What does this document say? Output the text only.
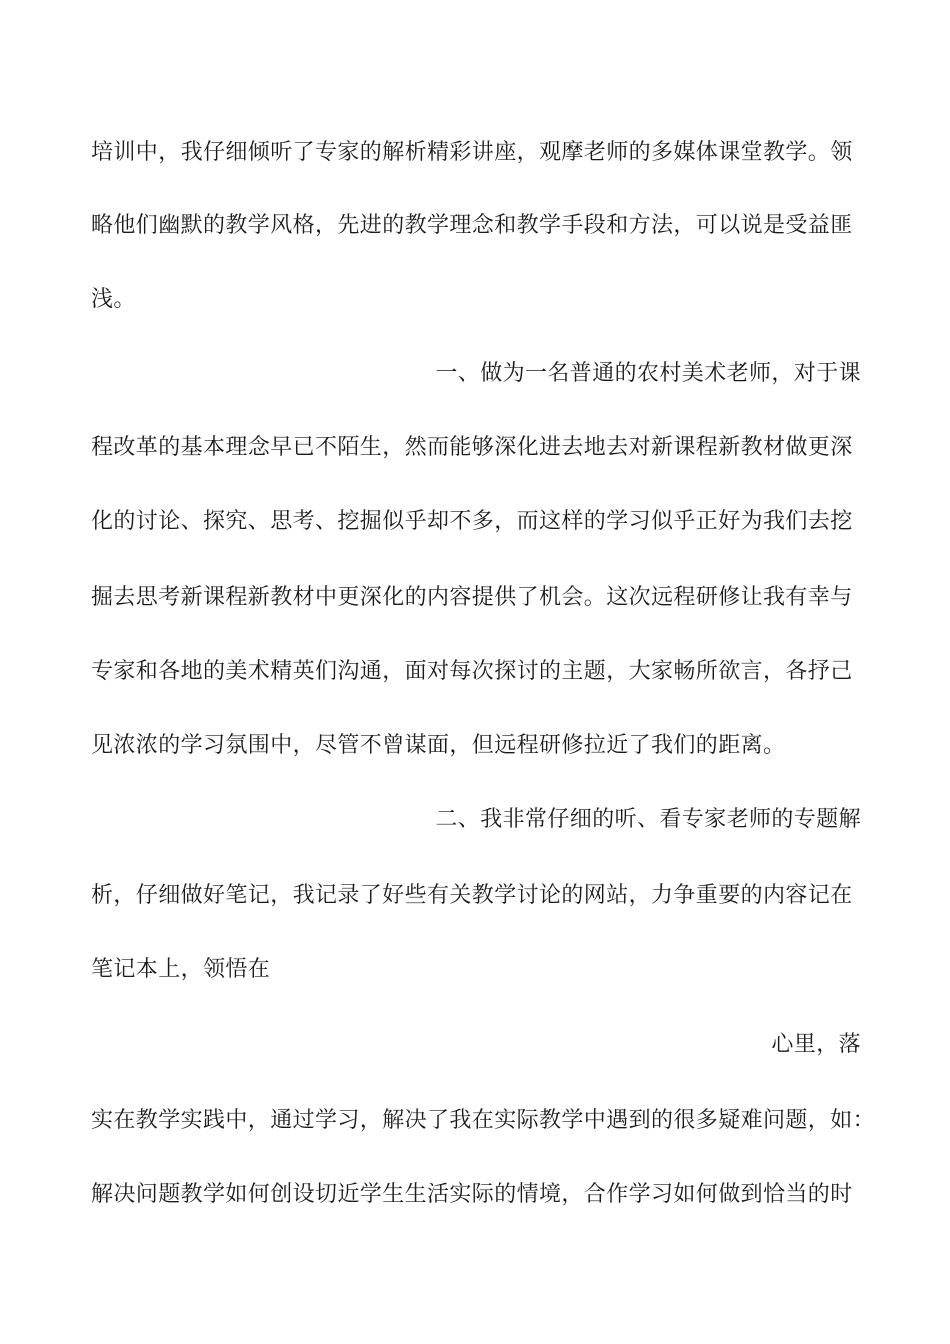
培训中，我仔细倾听了专家的解析精彩讲座，观摩老师的多媒体课堂教学。领
略他们幽默的教学风格，先进的教学理念和教学手段和方法，可以说是受益匪
浅。
一、做为一名普通的农村美术老师，对于课
程改革的基本理念早已不陌生，然而能够深化进去地去对新课程新教材做更深
化的讨论、探究、思考、挖掘似乎却不多，而这样的学习似乎正好为我们去挖
掘去思考新课程新教材中更深化的内容提供了机会。这次远程研修让我有幸与
专家和各地的美术精英们沟通，面对每次探讨的主题，大家畅所欲言，各抒己
见浓浓的学习氛围中，尽管不曾谋面，但远程研修拉近了我们的距离。
二、我非常仔细的听、看专家老师的专题解
析，仔细做好笔记，我记录了好些有关教学讨论的网站，力争重要的内容记在
笔记本上，领悟在
心里，落
实在教学实践中，通过学习，解决了我在实际教学中遇到的很多疑难问题，如：
解决问题教学如何创设切近学生生活实际的情境，合作学习如何做到恰当的时
